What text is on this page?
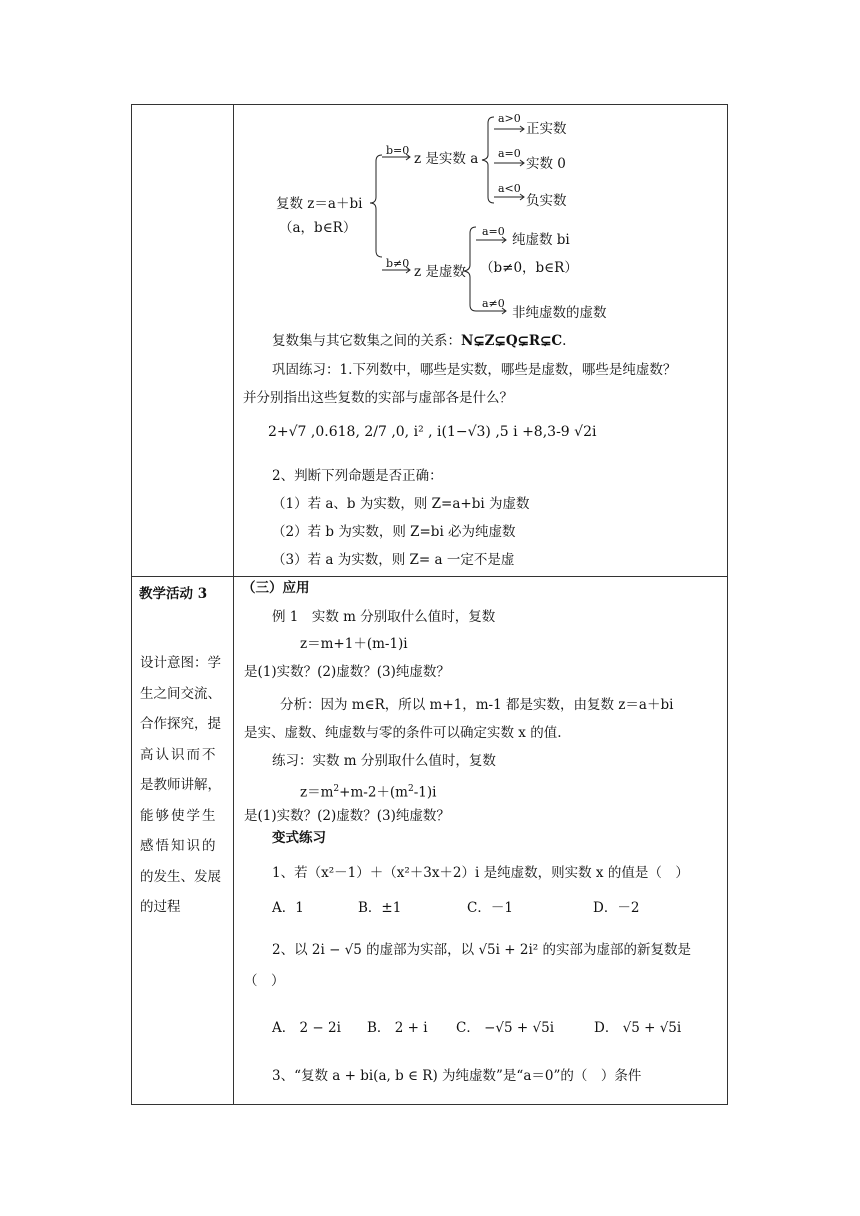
复数 z＝a＋bi
（a，b∈R）
b=0
z 是实数 a
a>0
正实数
a=0
实数 0
a<0
负实数
b≠0
z 是虚数
a=0
纯虚数 bi
（b≠0，b∈R）
a≠0
非纯虚数的虚数
复数集与其它数集之间的关系：N⊊Z⊊Q⊊R⊊C.
巩固练习：1.下列数中，哪些是实数，哪些是虚数，哪些是纯虚数？
并分别指出这些复数的实部与虚部各是什么？
2+√7 ,0.618, 2/7 ,0, i² , i(1−√3) ,5 i +8,3-9 √2i
2、判断下列命题是否正确：
（1）若 a、b 为实数，则 Z=a+bi 为虚数
（2）若 b 为实数，则 Z=bi 必为纯虚数
（3）若 a 为实数，则 Z= a 一定不是虚
教学活动 3
设计意图：学
生之间交流、
合作探究，提
高认识而不
是教师讲解，
能够使学生
感悟知识的
的发生、发展
的过程
（三）应用
例 1　实数 m 分别取什么值时，复数
z＝m+1＋(m-1)i
是(1)实数？(2)虚数？(3)纯虚数？
分析：因为 m∈R，所以 m+1，m-1 都是实数，由复数 z＝a＋bi
是实、虚数、纯虚数与零的条件可以确定实数 x 的值.
练习：实数 m 分别取什么值时，复数
$z=m^2+m-2+(m^2-1)i$
是(1)实数？(2)虚数？(3)纯虚数？
变式练习
1、若（x²－1）＋（x²＋3x＋2）i 是纯虚数，则实数 x 的值是（　）
A．1	B．±1	C．－1	D．－2
2、以 2i − √5 的虚部为实部，以 √5i + 2i² 的实部为虚部的新复数是
（　）
A． 2 − 2i B． 2 + i C． −√5 + √5i	D． √5 + √5i
3、“复数 a + bi(a, b ∈ R) 为纯虚数”是“a＝0”的（　）条件
